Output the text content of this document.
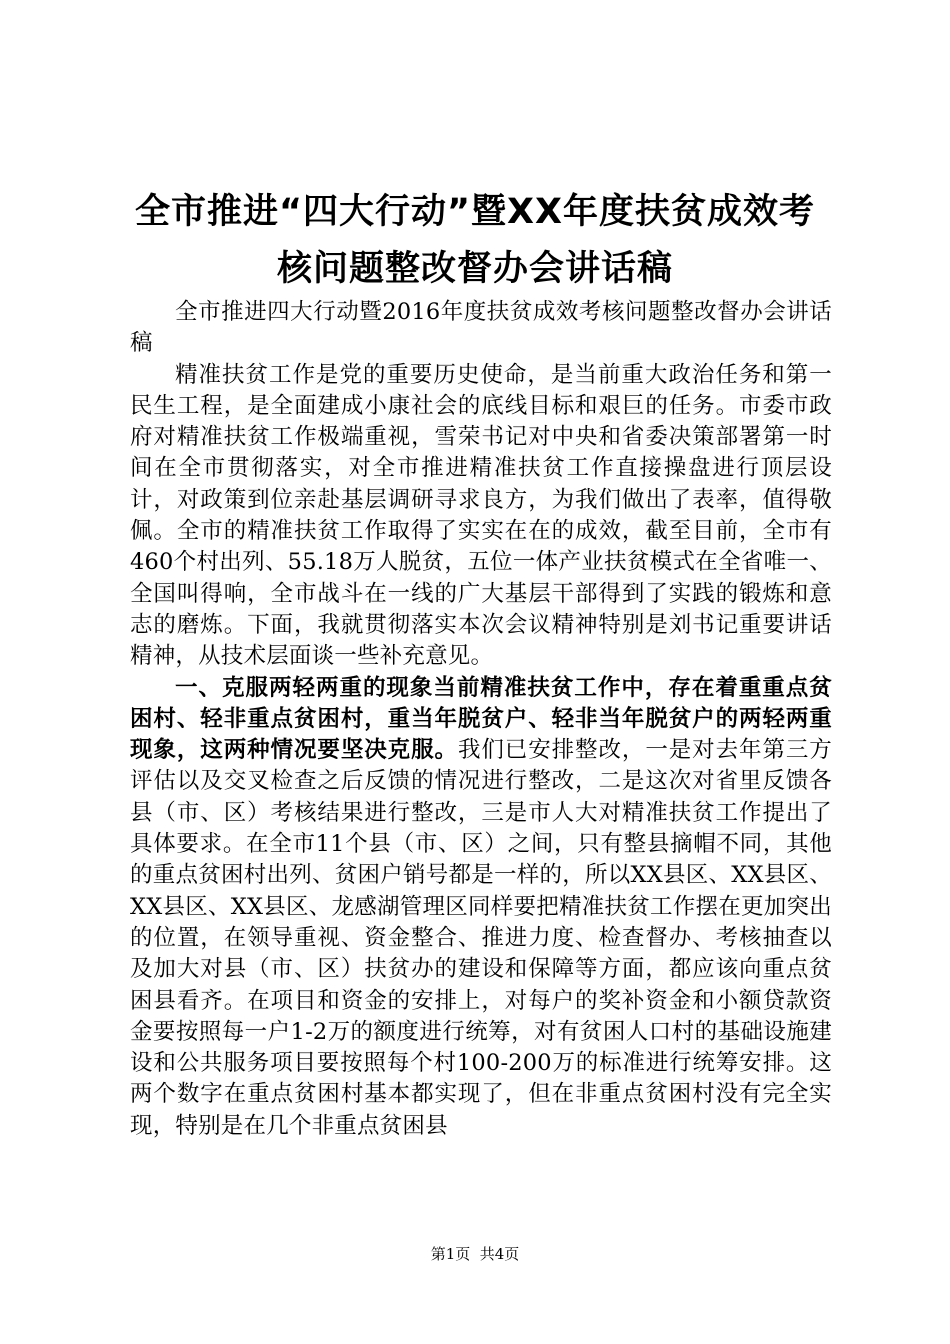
全市推进“四大行动”暨XX年度扶贫成效考
核问题整改督办会讲话稿

全市推进四大行动暨2016年度扶贫成效考核问题整改督办会讲话稿

精准扶贫工作是党的重要历史使命，是当前重大政治任务和第一民生工程，是全面建成小康社会的底线目标和艰巨的任务。市委市政府对精准扶贫工作极端重视，雪荣书记对中央和省委决策部署第一时间在全市贯彻落实，对全市推进精准扶贫工作直接操盘进行顶层设计，对政策到位亲赴基层调研寻求良方，为我们做出了表率，值得敬佩。全市的精准扶贫工作取得了实实在在的成效，截至目前，全市有460个村出列、55.18万人脱贫，五位一体产业扶贫模式在全省唯一、全国叫得响，全市战斗在一线的广大基层干部得到了实践的锻炼和意志的磨炼。下面，我就贯彻落实本次会议精神特别是刘书记重要讲话精神，从技术层面谈一些补充意见。

一、克服两轻两重的现象当前精准扶贫工作中，存在着重重点贫困村、轻非重点贫困村，重当年脱贫户、轻非当年脱贫户的两轻两重现象，这两种情况要坚决克服。我们已安排整改，一是对去年第三方评估以及交叉检查之后反馈的情况进行整改，二是这次对省里反馈各县（市、区）考核结果进行整改，三是市人大对精准扶贫工作提出了具体要求。在全市11个县（市、区）之间，只有整县摘帽不同，其他的重点贫困村出列、贫困户销号都是一样的，所以XX县区、XX县区、XX县区、XX县区、龙感湖管理区同样要把精准扶贫工作摆在更加突出的位置，在领导重视、资金整合、推进力度、检查督办、考核抽查以及加大对县（市、区）扶贫办的建设和保障等方面，都应该向重点贫困县看齐。在项目和资金的安排上，对每户的奖补资金和小额贷款资金要按照每一户1-2万的额度进行统筹，对有贫困人口村的基础设施建设和公共服务项目要按照每个村100-200万的标准进行统筹安排。这两个数字在重点贫困村基本都实现了，但在非重点贫困村没有完全实现，特别是在几个非重点贫困县

第1页  共4页
